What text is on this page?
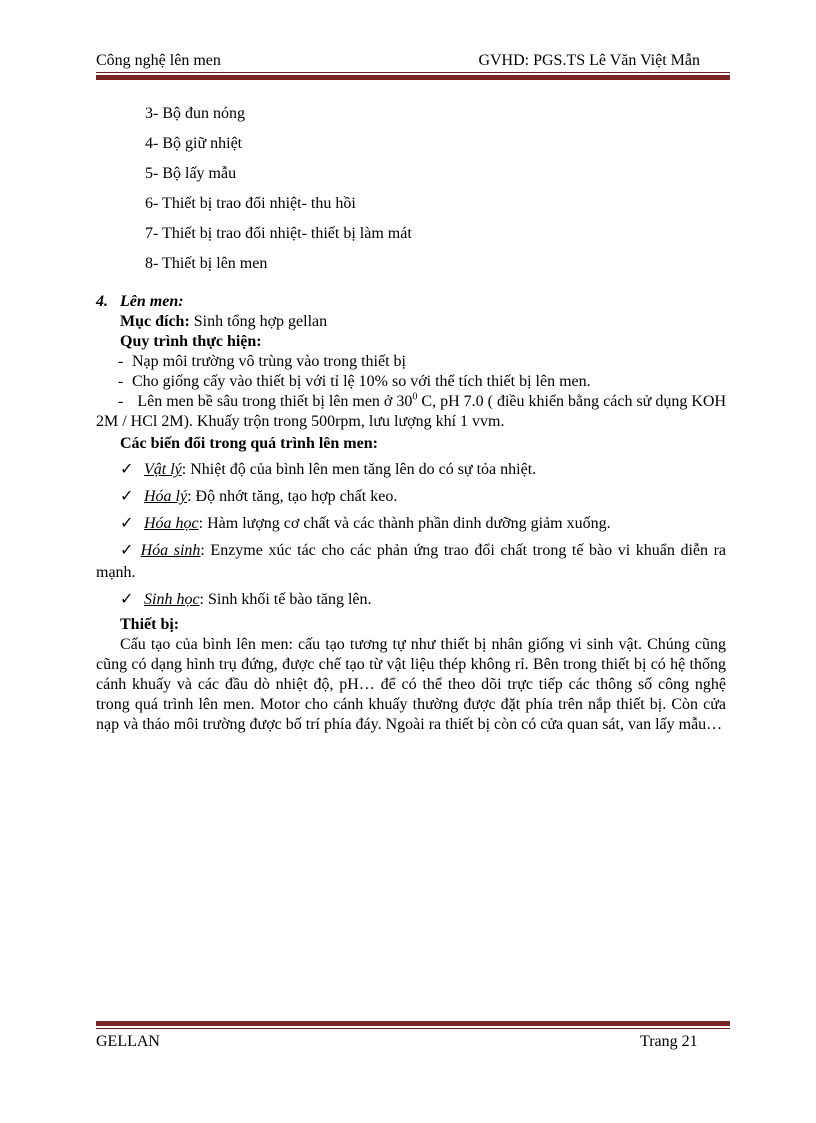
Công nghệ lên men	GVHD: PGS.TS Lê Văn Việt Mẫn
3- Bộ đun nóng
4- Bộ giữ nhiệt
5- Bộ lấy mẫu
6- Thiết bị trao đổi nhiệt- thu hồi
7- Thiết bị trao đổi nhiệt- thiết bị làm mát
8- Thiết bị lên men
4. Lên men:
Mục đích: Sinh tổng hợp gellan
Quy trình thực hiện:
- Nạp môi trường vô trùng vào trong thiết bị
- Cho giống cấy vào thiết bị với tỉ lệ 10% so với thể tích thiết bị lên men.
- Lên men bề sâu trong thiết bị lên men ở $30^0$ C, pH 7.0 ( điều khiển bằng cách sử dụng KOH 2M / HCl 2M). Khuấy trộn trong 500rpm, lưu lượng khí 1 vvm.
Các biến đổi trong quá trình lên men:
✓ Vật lý: Nhiệt độ của bình lên men tăng lên do có sự tỏa nhiệt.
✓ Hóa lý: Độ nhớt tăng, tạo hợp chất keo.
✓ Hóa học: Hàm lượng cơ chất và các thành phần dinh dưỡng giảm xuống.
✓ Hóa sinh: Enzyme xúc tác cho các phản ứng trao đổi chất trong tế bào vi khuẩn diễn ra mạnh.
✓ Sinh học: Sinh khối tế bào tăng lên.
Thiết bị:
Cấu tạo của bình lên men: cấu tạo tương tự như thiết bị nhân giống vi sinh vật. Chúng cũng cũng có dạng hình trụ đứng, được chế tạo từ vật liệu thép không rỉ. Bên trong thiết bị có hệ thống cánh khuấy và các đầu dò nhiệt độ, pH… để có thể theo dõi trực tiếp các thông số công nghệ trong quá trình lên men. Motor cho cánh khuấy thường được đặt phía trên nắp thiết bị. Còn cửa nạp và tháo môi trường được bố trí phía đáy. Ngoài ra thiết bị còn có cửa quan sát, van lấy mẫu…
GELLAN	Trang 21
